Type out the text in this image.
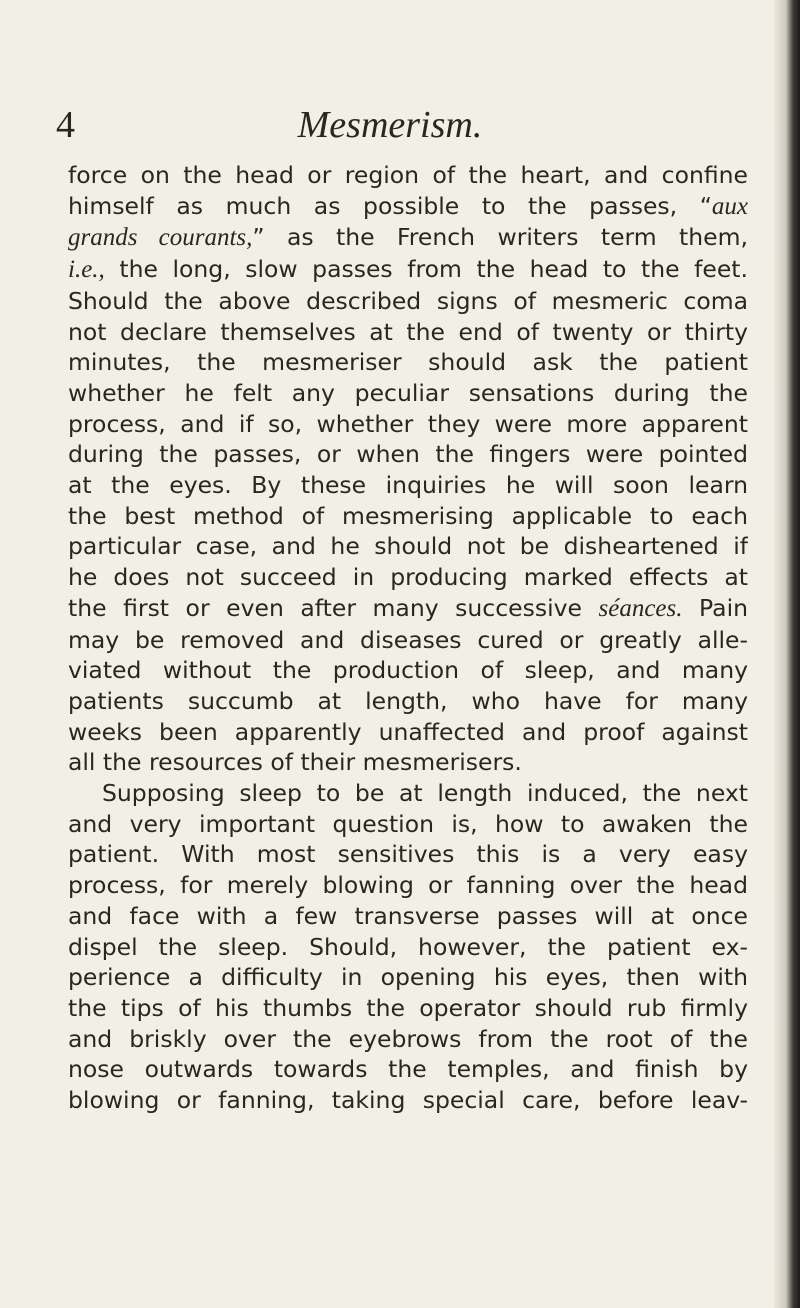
4	Mesmerism.
force on the head or region of the heart, and confine
himself as much as possible to the passes, “aux
grands courants,” as the French writers term them,
i.e., the long, slow passes from the head to the feet.
Should the above described signs of mesmeric coma
not declare themselves at the end of twenty or thirty
minutes, the mesmeriser should ask the patient
whether he felt any peculiar sensations during the
process, and if so, whether they were more apparent
during the passes, or when the fingers were pointed
at the eyes. By these inquiries he will soon learn
the best method of mesmerising applicable to each
particular case, and he should not be disheartened if
he does not succeed in producing marked effects at
the first or even after many successive séances. Pain
may be removed and diseases cured or greatly alle-
viated without the production of sleep, and many
patients succumb at length, who have for many
weeks been apparently unaffected and proof against
all the resources of their mesmerisers.
Supposing sleep to be at length induced, the next
and very important question is, how to awaken the
patient. With most sensitives this is a very easy
process, for merely blowing or fanning over the head
and face with a few transverse passes will at once
dispel the sleep. Should, however, the patient ex-
perience a difficulty in opening his eyes, then with
the tips of his thumbs the operator should rub firmly
and briskly over the eyebrows from the root of the
nose outwards towards the temples, and finish by
blowing or fanning, taking special care, before leav-
